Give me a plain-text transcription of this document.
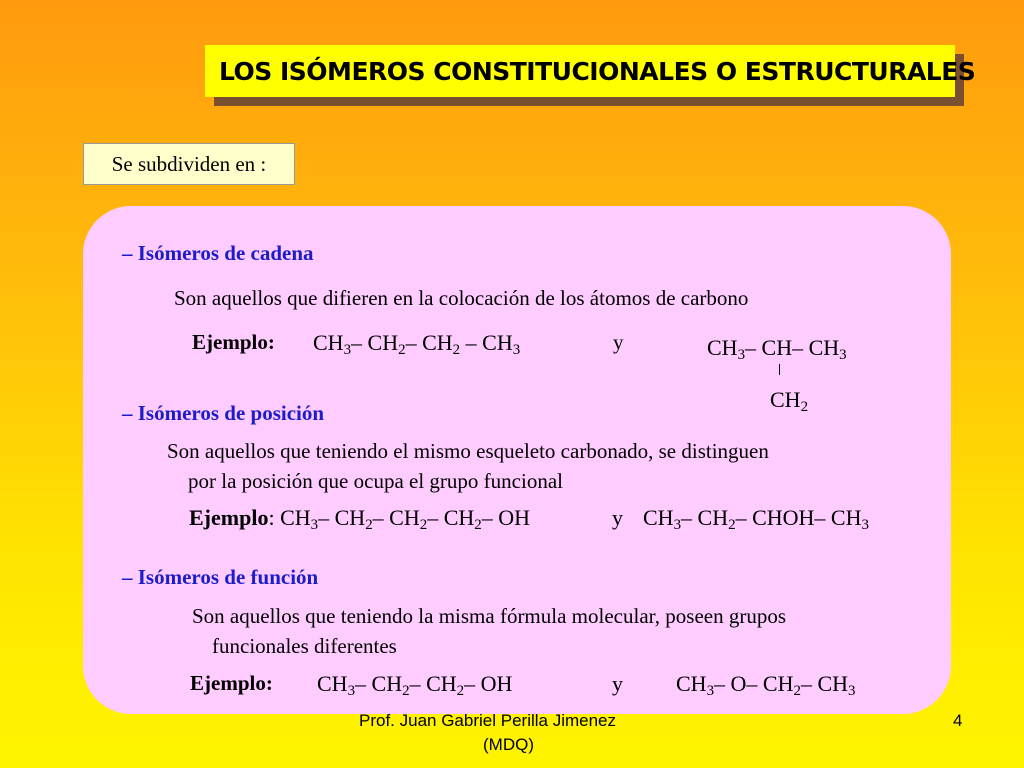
LOS ISÓMEROS CONSTITUCIONALES O ESTRUCTURALES
Se subdividen en :
– Isómeros de cadena
Son aquellos que difieren en la colocación de los átomos de carbono
Ejemplo: $CH_3-$ $CH_2-$ $CH_2 - CH_3$	y	$CH_3-$ CH– $CH_3$
$CH_2$
– Isómeros de posición
Son aquellos que teniendo el mismo esqueleto carbonado, se distinguen
por la posición que ocupa el grupo funcional
Ejemplo: $CH_3-$ $CH_2-$ $CH_2-$ $CH_2-$ OH	y $CH_3-$ $CH_2-$ CHOH– $CH_3$
– Isómeros de función
Son aquellos que teniendo la misma fórmula molecular, poseen grupos
funcionales diferentes
Ejemplo: $CH_3-$ $CH_2-$ $CH_2-$ OH	y $CH_3-$ O– $CH_2-$ $CH_3$
Prof. Juan Gabriel Perilla Jimenez
(MDQ)
4
